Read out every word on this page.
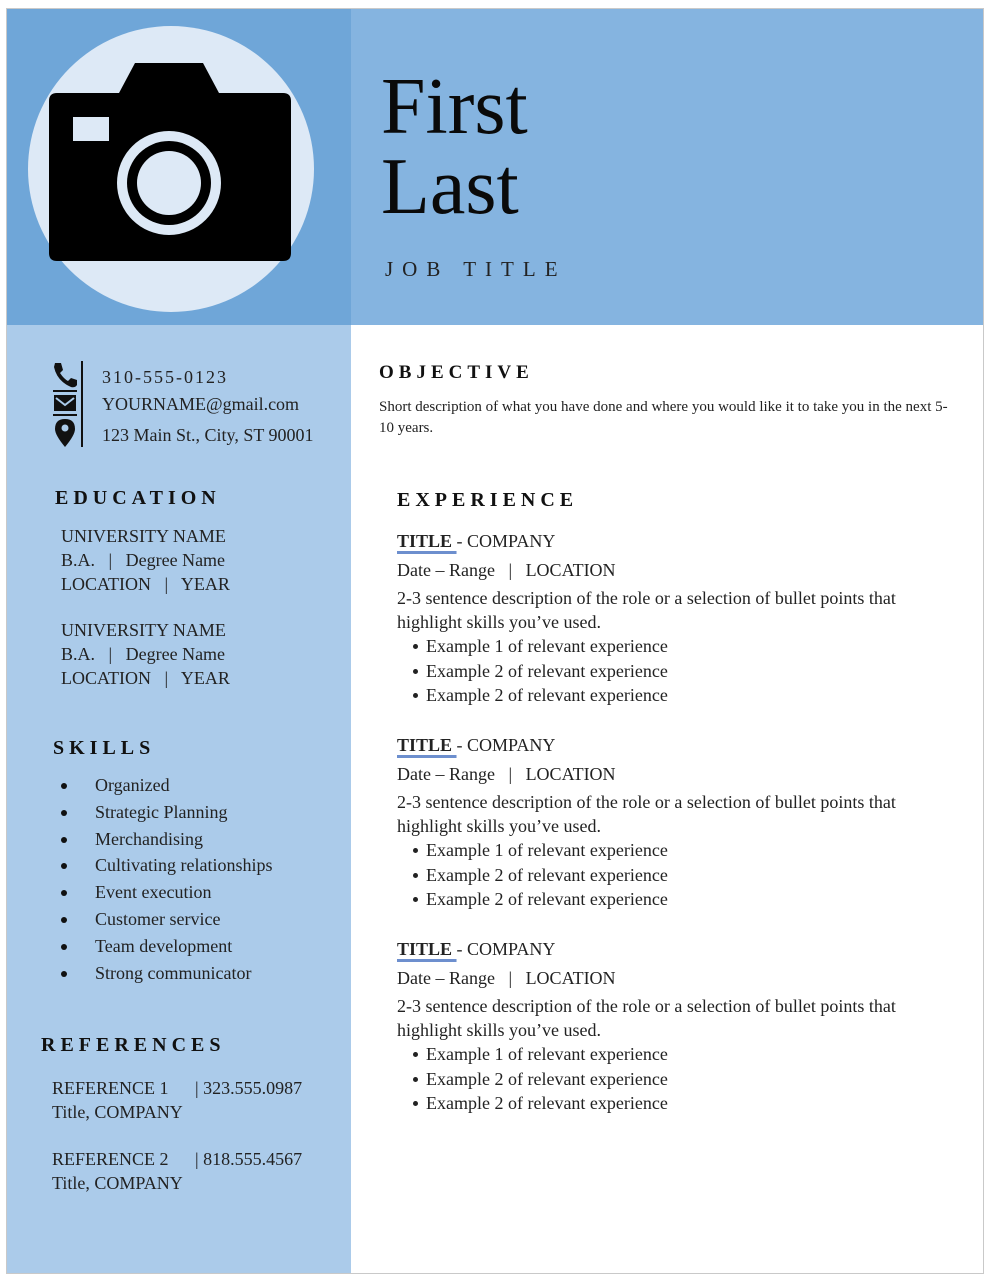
First
Last
JOB TITLE
310-555-0123
YOURNAME@gmail.com
123 Main St., City, ST 90001
EDUCATION
UNIVERSITY NAME
B.A.   |   Degree Name
LOCATION   |   YEAR
UNIVERSITY NAME
B.A.   |   Degree Name
LOCATION   |   YEAR
SKILLS
Organized
Strategic Planning
Merchandising
Cultivating relationships
Event execution
Customer service
Team development
Strong communicator
REFERENCES
REFERENCE 1 | 323.555.0987
Title, COMPANY
REFERENCE 2 | 818.555.4567
Title, COMPANY
OBJECTIVE
Short description of what you have done and where you would like it to take you in the next 5-10 years.
EXPERIENCE
TITLE - COMPANY
Date – Range   |   LOCATION
2-3 sentence description of the role or a selection of bullet points that highlight skills you’ve used.
Example 1 of relevant experience
Example 2 of relevant experience
Example 2 of relevant experience
TITLE - COMPANY
Date – Range   |   LOCATION
2-3 sentence description of the role or a selection of bullet points that highlight skills you’ve used.
Example 1 of relevant experience
Example 2 of relevant experience
Example 2 of relevant experience
TITLE - COMPANY
Date – Range   |   LOCATION
2-3 sentence description of the role or a selection of bullet points that highlight skills you’ve used.
Example 1 of relevant experience
Example 2 of relevant experience
Example 2 of relevant experience
